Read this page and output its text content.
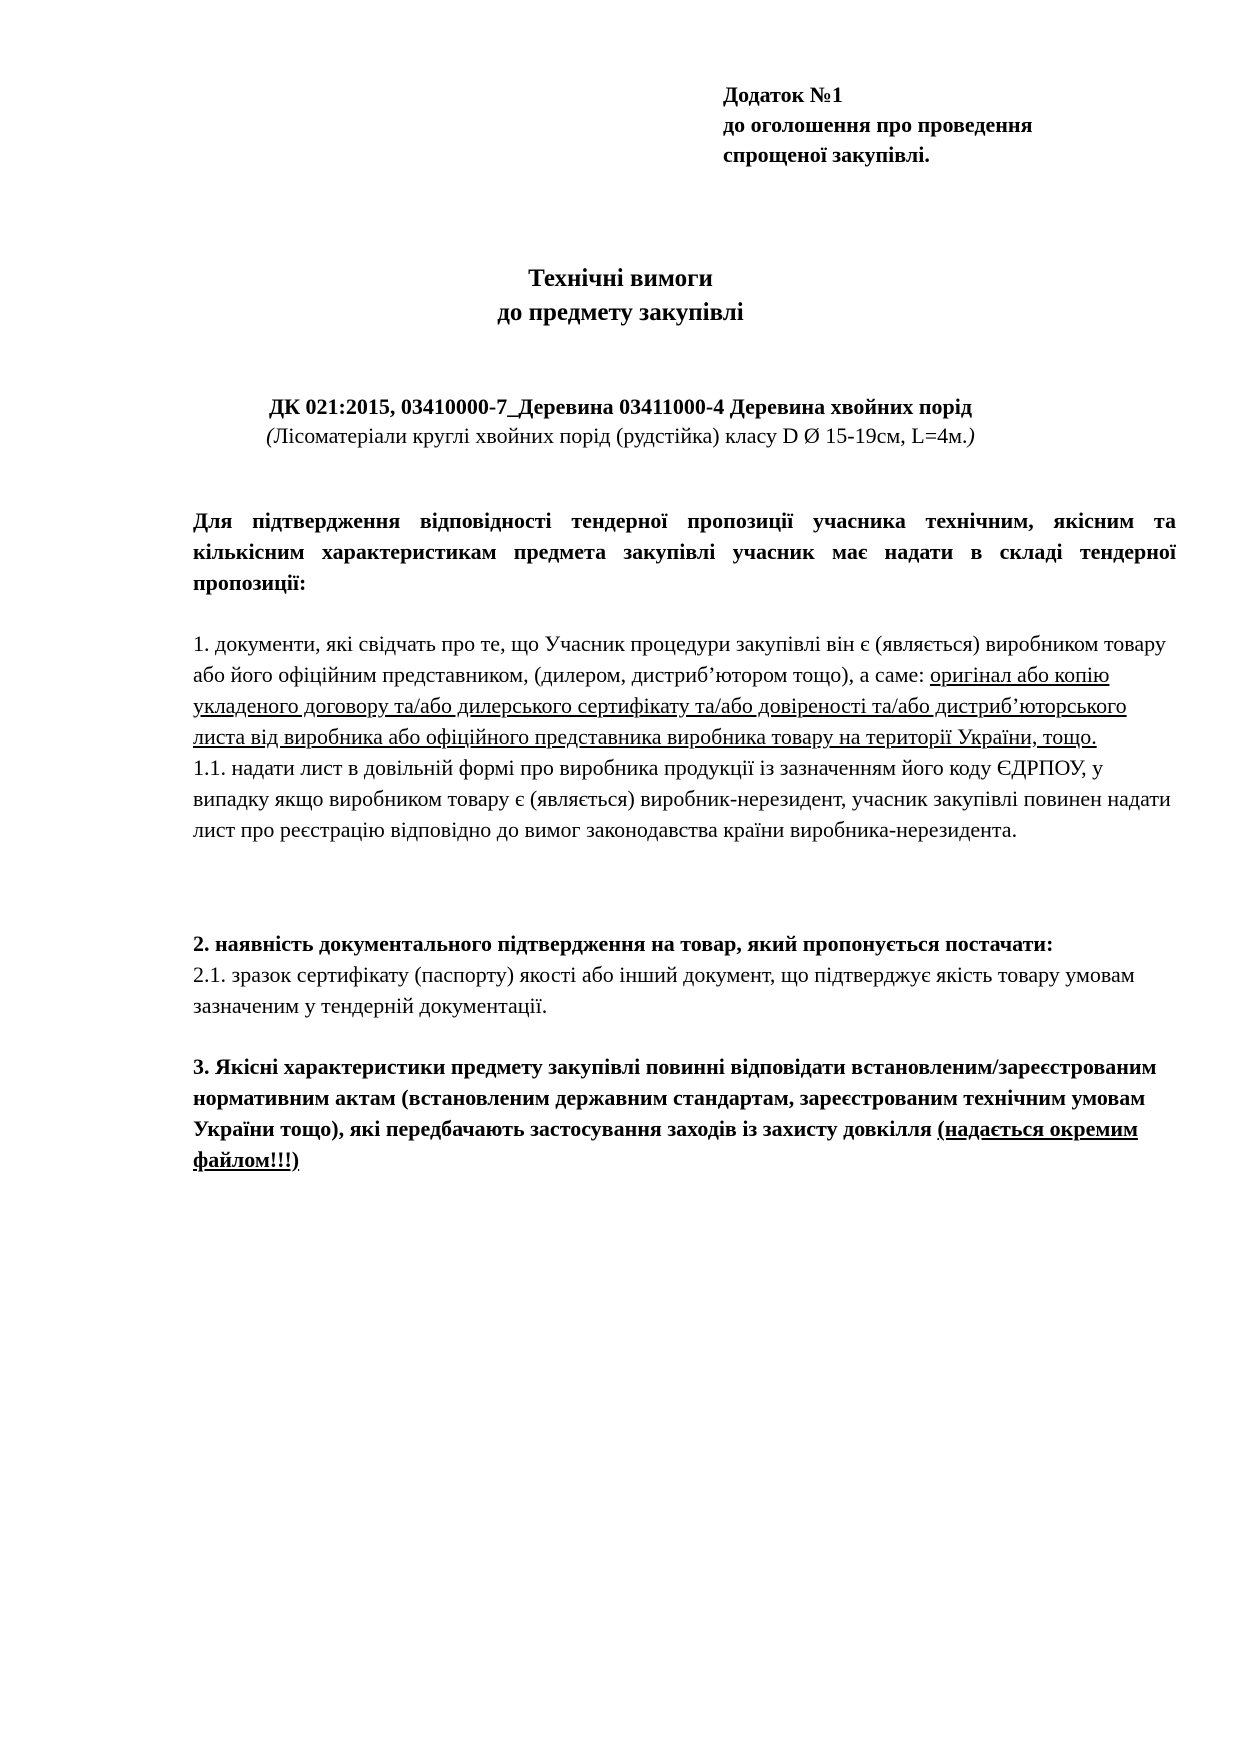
Додаток №1
до оголошення про проведення
спрощеної закупівлі.
Технічні вимоги
до предмету закупівлі
ДК 021:2015, 03410000-7_Деревина 03411000-4 Деревина хвойних порід
(Лісоматеріали круглі хвойних порід (рудстійка) класу D Ø 15-19см, L=4м.)

Для підтвердження відповідності тендерної пропозиції учасника технічним, якісним та кількісним характеристикам предмета закупівлі учасник має надати в складі тендерної пропозиції:

1. документи, які свідчать про те, що Учасник процедури закупівлі він є (являється) виробником товару або його офіційним представником, (дилером, дистриб’ютором тощо), а саме: оригінал або копію укладеного договору та/або дилерського сертифікату та/або довіреності та/або дистриб’юторського листа від виробника або офіційного представника виробника товару на території України, тощо.

1.1. надати лист в довільній формі про виробника продукції із зазначенням його коду ЄДРПОУ, у випадку якщо виробником товару є (являється) виробник-нерезидент, учасник закупівлі повинен надати лист про реєстрацію відповідно до вимог законодавства країни виробника-нерезидента.

2. наявність документального підтвердження на товар, який пропонується постачати:

2.1. зразок сертифікату (паспорту) якості або інший документ, що підтверджує якість товару умовам зазначеним у тендерній документації.

3. Якісні характеристики предмету закупівлі повинні відповідати встановленим/зареєстрованим нормативним актам (встановленим державним стандартам, зареєстрованим технічним умовам України тощо), які передбачають застосування заходів із захисту довкілля (надається окремим файлом!!!)
